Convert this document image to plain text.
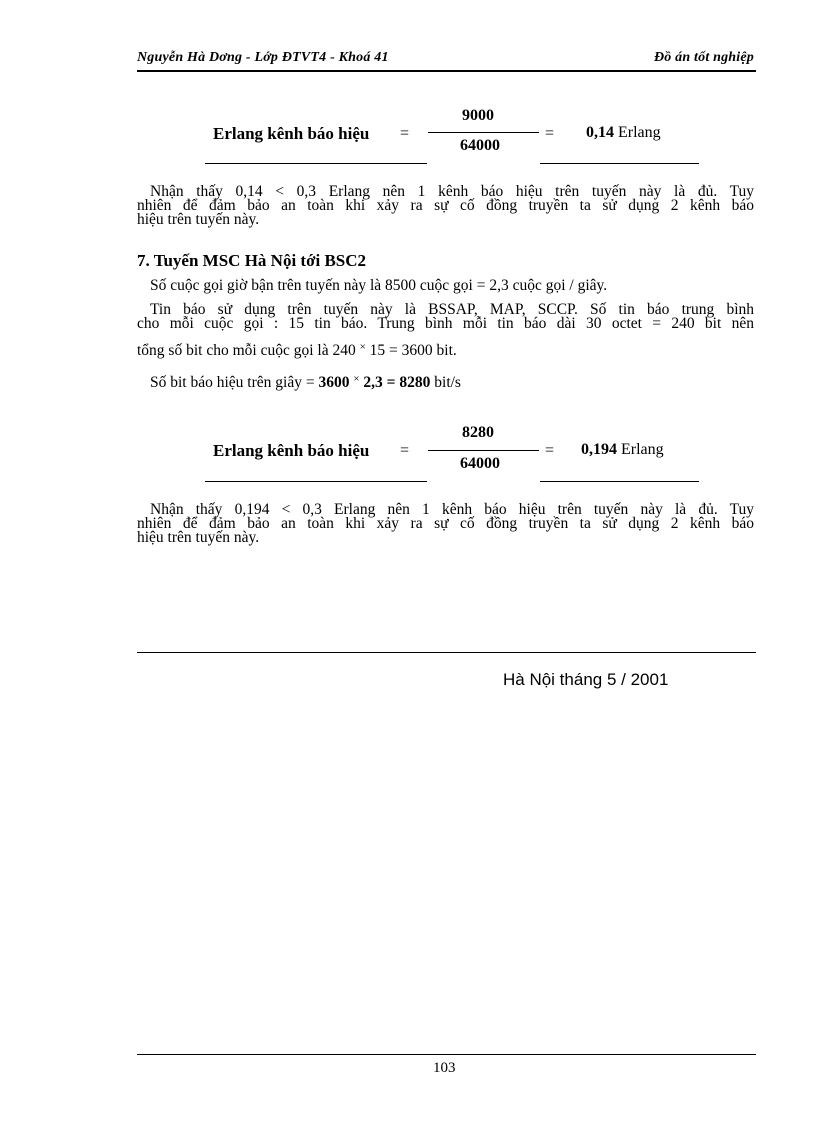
Nguyễn Hà Dơng - Lớp ĐTVT4 - Khoá 41	Đồ án tốt nghiệp
Erlang kênh báo hiệu =
9000
64000
= 0,14 Erlang
Nhận thấy 0,14 < 0,3 Erlang nên 1 kênh báo hiệu trên tuyến này là đủ. Tuy
nhiên để đảm bảo an toàn khi xảy ra sự cố đồng truyền ta sử dụng 2 kênh báo
hiệu trên tuyến này.
7. Tuyến MSC Hà Nội tới BSC2
Số cuộc gọi giờ bận trên tuyến này là 8500 cuộc gọi = 2,3 cuộc gọi / giây.
Tin báo sử dụng trên tuyến này là BSSAP, MAP, SCCP. Số tin báo trung bình
cho mỗi cuộc gọi : 15 tin báo. Trung bình mỗi tin báo dài 30 octet = 240 bit nên
tổng số bit cho mỗi cuộc gọi là 240 × 15 = 3600 bit.
Số bit báo hiệu trên giây = 3600 × 2,3 = 8280 bit/s
Erlang kênh báo hiệu =
8280
64000
= 0,194 Erlang
Nhận thấy 0,194 < 0,3 Erlang nên 1 kênh báo hiệu trên tuyến này là đủ. Tuy
nhiên để đảm bảo an toàn khi xảy ra sự cố đồng truyền ta sử dụng 2 kênh báo
hiệu trên tuyến này.
Hà Nội tháng 5 / 2001
103
